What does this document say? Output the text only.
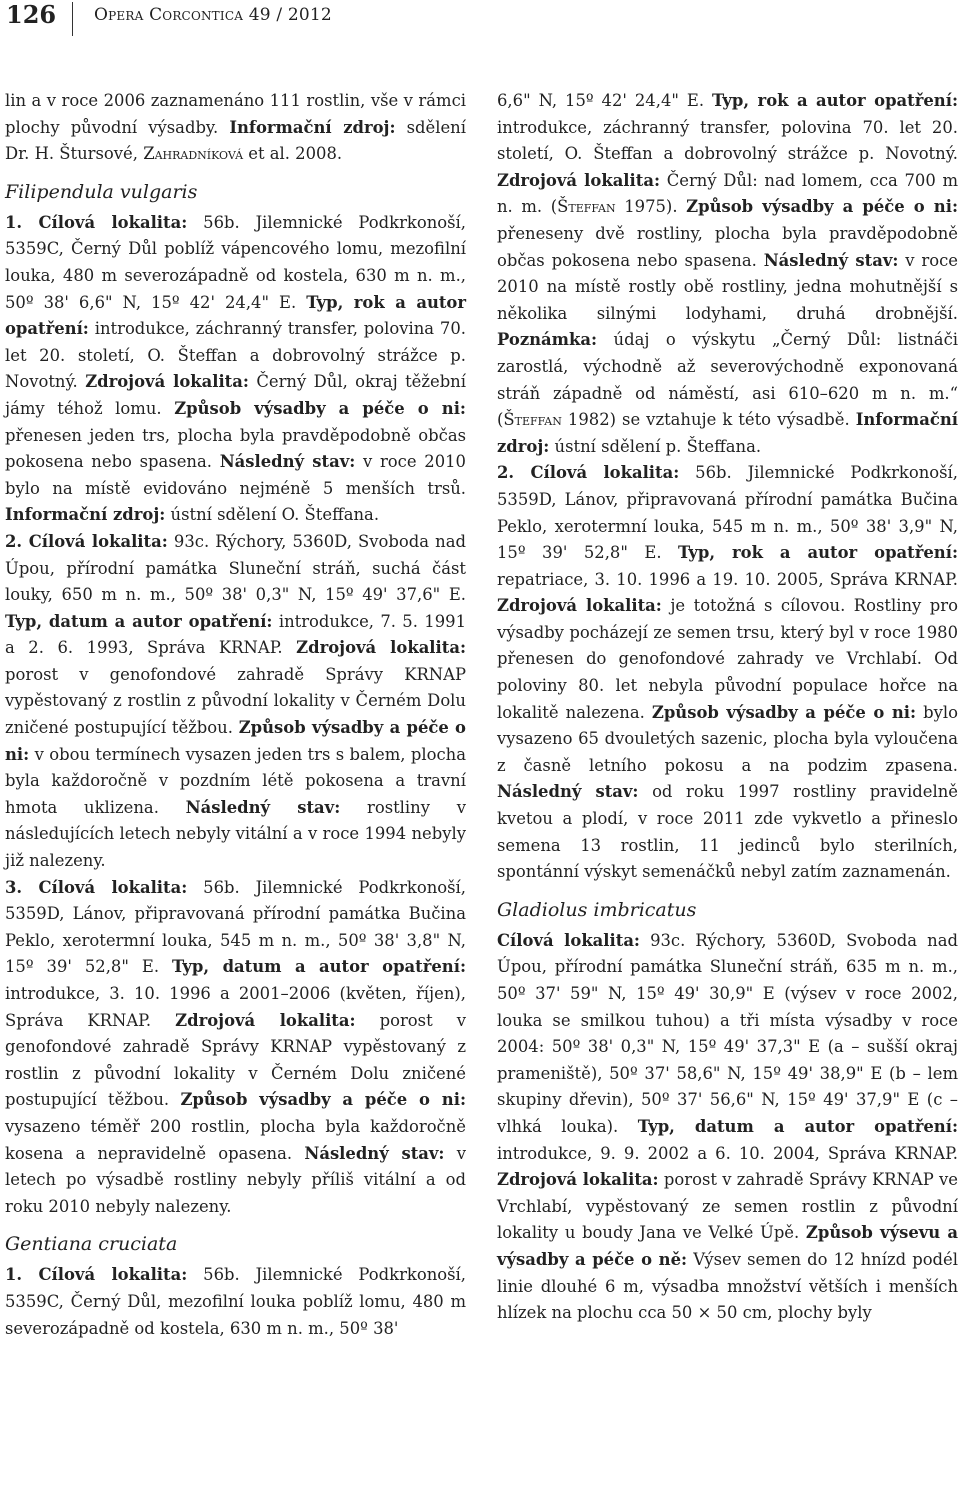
126 Opera Corcontica 49 / 2012

lin a v roce 2006 zaznamenáno 111 rostlin, vše v rámci plochy původní výsadby. Informační zdroj: sdělení Dr. H. Štursové, Zahradníková et al. 2008.

Filipendula vulgaris

1. Cílová lokalita: 56b. Jilemnické Podkrkonoší, 5359C, Černý Důl poblíž vápencového lomu, mezofilní louka, 480 m severozápadně od kostela, 630 m n. m., 50º 38' 6,6" N, 15º 42' 24,4" E. Typ, rok a autor opatření: introdukce, záchranný transfer, polovina 70. let 20. století, O. Šteffan a dobrovolný strážce p. Novotný. Zdrojová lokalita: Černý Důl, okraj těžební jámy téhož lomu. Způsob výsadby a péče o ni: přenesen jeden trs, plocha byla pravděpodobně občas pokosena nebo spasena. Následný stav: v roce 2010 bylo na místě evidováno nejméně 5 menších trsů. Informační zdroj: ústní sdělení O. Šteffana.

2. Cílová lokalita: 93c. Rýchory, 5360D, Svoboda nad Úpou, přírodní památka Sluneční stráň, suchá část louky, 650 m n. m., 50º 38' 0,3" N, 15º 49' 37,6" E. Typ, datum a autor opatření: introdukce, 7. 5. 1991 a 2. 6. 1993, Správa KRNAP. Zdrojová lokalita: porost v genofondové zahradě Správy KRNAP vypěstovaný z rostlin z původní lokality v Černém Dolu zničené postupující těžbou. Způsob výsadby a péče o ni: v obou termínech vysazen jeden trs s balem, plocha byla každoročně v pozdním létě pokosena a travní hmota uklizena. Následný stav: rostliny v následujících letech nebyly vitální a v roce 1994 nebyly již nalezeny.

3. Cílová lokalita: 56b. Jilemnické Podkrkonoší, 5359D, Lánov, připravovaná přírodní památka Bučina Peklo, xerotermní louka, 545 m n. m., 50º 38' 3,8" N, 15º 39' 52,8" E. Typ, datum a autor opatření: introdukce, 3. 10. 1996 a 2001–2006 (květen, říjen), Správa KRNAP. Zdrojová lokalita: porost v genofondové zahradě Správy KRNAP vypěstovaný z rostlin z původní lokality v Černém Dolu zničené postupující těžbou. Způsob výsadby a péče o ni: vysazeno téměř 200 rostlin, plocha byla každoročně kosena a nepravidelně opasena. Následný stav: v letech po výsadbě rostliny nebyly příliš vitální a od roku 2010 nebyly nalezeny.

Gentiana cruciata

1. Cílová lokalita: 56b. Jilemnické Podkrkonoší, 5359C, Černý Důl, mezofilní louka poblíž lomu, 480 m severozápadně od kostela, 630 m n. m., 50º 38'

6,6" N, 15º 42' 24,4" E. Typ, rok a autor opatření: introdukce, záchranný transfer, polovina 70. let 20. století, O. Šteffan a dobrovolný strážce p. Novotný. Zdrojová lokalita: Černý Důl: nad lomem, cca 700 m n. m. (Šteffan 1975). Způsob výsadby a péče o ni: přeneseny dvě rostliny, plocha byla pravděpodobně občas pokosena nebo spasena. Následný stav: v roce 2010 na místě rostly obě rostliny, jedna mohutnější s několika silnými lodyhami, druhá drobnější. Poznámka: údaj o výskytu „Černý Důl: listnáči zarostlá, východně až severovýchodně exponovaná stráň západně od náměstí, asi 610–620 m n. m.“ (Šteffan 1982) se vztahuje k této výsadbě. Informační zdroj: ústní sdělení p. Šteffana.

2. Cílová lokalita: 56b. Jilemnické Podkrkonoší, 5359D, Lánov, připravovaná přírodní památka Bučina Peklo, xerotermní louka, 545 m n. m., 50º 38' 3,9" N, 15º 39' 52,8" E. Typ, rok a autor opatření: repatriace, 3. 10. 1996 a 19. 10. 2005, Správa KRNAP. Zdrojová lokalita: je totožná s cílovou. Rostliny pro výsadby pocházejí ze semen trsu, který byl v roce 1980 přenesen do genofondové zahrady ve Vrchlabí. Od poloviny 80. let nebyla původní populace hořce na lokalitě nalezena. Způsob výsadby a péče o ni: bylo vysazeno 65 dvouletých sazenic, plocha byla vyloučena z časně letního pokosu a na podzim zpasena. Následný stav: od roku 1997 rostliny pravidelně kvetou a plodí, v roce 2011 zde vykvetlo a přineslo semena 13 rostlin, 11 jedinců bylo sterilních, spontánní výskyt semenáčků nebyl zatím zaznamenán.

Gladiolus imbricatus

Cílová lokalita: 93c. Rýchory, 5360D, Svoboda nad Úpou, přírodní památka Sluneční stráň, 635 m n. m., 50º 37' 59" N, 15º 49' 30,9" E (výsev v roce 2002, louka se smilkou tuhou) a tři místa výsadby v roce 2004: 50º 38' 0,3" N, 15º 49' 37,3" E (a – sušší okraj prameniště), 50º 37' 58,6" N, 15º 49' 38,9" E (b – lem skupiny dřevin), 50º 37' 56,6" N, 15º 49' 37,9" E (c – vlhká louka). Typ, datum a autor opatření: introdukce, 9. 9. 2002 a 6. 10. 2004, Správa KRNAP. Zdrojová lokalita: porost v zahradě Správy KRNAP ve Vrchlabí, vypěstovaný ze semen rostlin z původní lokality u boudy Jana ve Velké Úpě. Způsob výsevu a výsadby a péče o ně: Výsev semen do 12 hnízd podél linie dlouhé 6 m, výsadba množství větších i menších hlízek na plochu cca 50 × 50 cm, plochy byly
